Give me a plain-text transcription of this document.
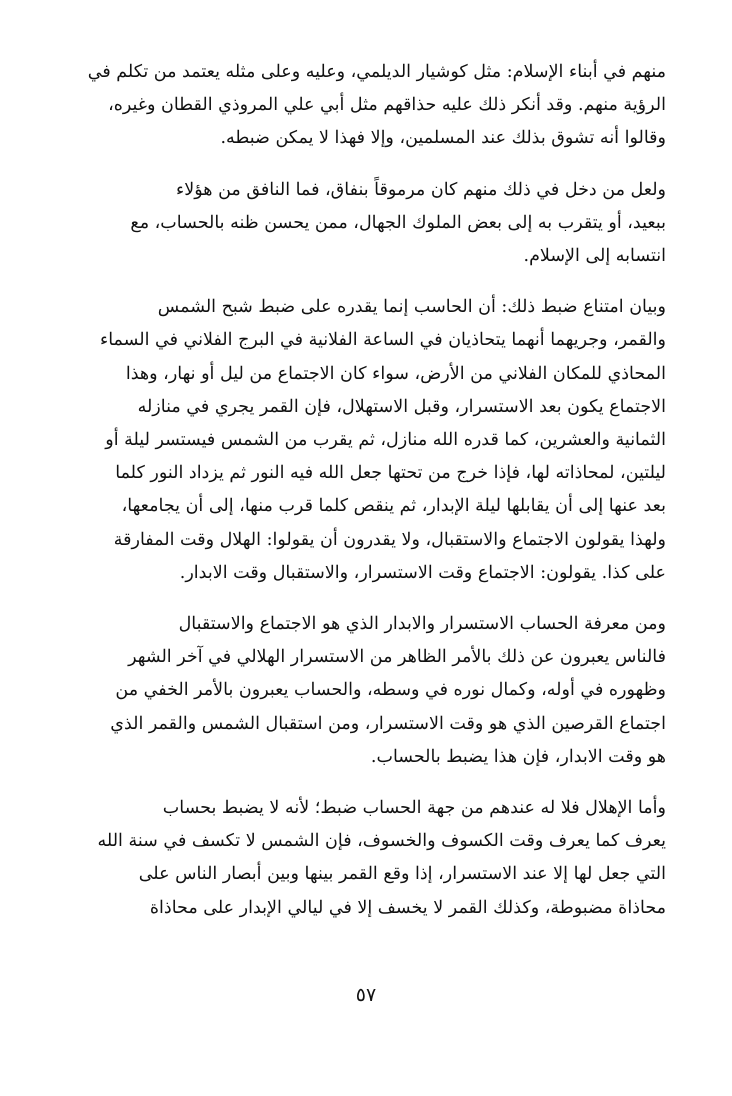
منهم في أبناء الإسلام: مثل كوشيار الديلمي، وعليه وعلى مثله يعتمد من تكلم في
الرؤية منهم. وقد أنكر ذلك عليه حذاقهم مثل أبي علي المروذي القطان وغيره،
وقالوا أنه تشوق بذلك عند المسلمين، وإلا فهذا لا يمكن ضبطه.

ولعل من دخل في ذلك منهم كان مرموقاً بنفاق، فما النافق من هؤلاء
ببعيد، أو يتقرب به إلى بعض الملوك الجهال، ممن يحسن ظنه بالحساب، مع
انتسابه إلى الإسلام.

وبيان امتناع ضبط ذلك: أن الحاسب إنما يقدره على ضبط شبح الشمس
والقمر، وجريهما أنهما يتحاذيان في الساعة الفلانية في البرج الفلاني في السماء
المحاذي للمكان الفلاني من الأرض، سواء كان الاجتماع من ليل أو نهار، وهذا
الاجتماع يكون بعد الاستسرار، وقبل الاستهلال، فإن القمر يجري في منازله
الثمانية والعشرين، كما قدره الله منازل، ثم يقرب من الشمس فيستسر ليلة أو
ليلتين، لمحاذاته لها، فإذا خرج من تحتها جعل الله فيه النور ثم يزداد النور كلما
بعد عنها إلى أن يقابلها ليلة الإبدار، ثم ينقص كلما قرب منها، إلى أن يجامعها،
ولهذا يقولون الاجتماع والاستقبال، ولا يقدرون أن يقولوا: الهلال وقت المفارقة
على كذا. يقولون: الاجتماع وقت الاستسرار، والاستقبال وقت الابدار.

ومن معرفة الحساب الاستسرار والابدار الذي هو الاجتماع والاستقبال
فالناس يعبرون عن ذلك بالأمر الظاهر من الاستسرار الهلالي في آخر الشهر
وظهوره في أوله، وكمال نوره في وسطه، والحساب يعبرون بالأمر الخفي من
اجتماع القرصين الذي هو وقت الاستسرار، ومن استقبال الشمس والقمر الذي
هو وقت الابدار، فإن هذا يضبط بالحساب.

وأما الإهلال فلا له عندهم من جهة الحساب ضبط؛ لأنه لا يضبط بحساب
يعرف كما يعرف وقت الكسوف والخسوف، فإن الشمس لا تكسف في سنة الله
التي جعل لها إلا عند الاستسرار، إذا وقع القمر بينها وبين أبصار الناس على
محاذاة مضبوطة، وكذلك القمر لا يخسف إلا في ليالي الإبدار على محاذاة

٥٧
